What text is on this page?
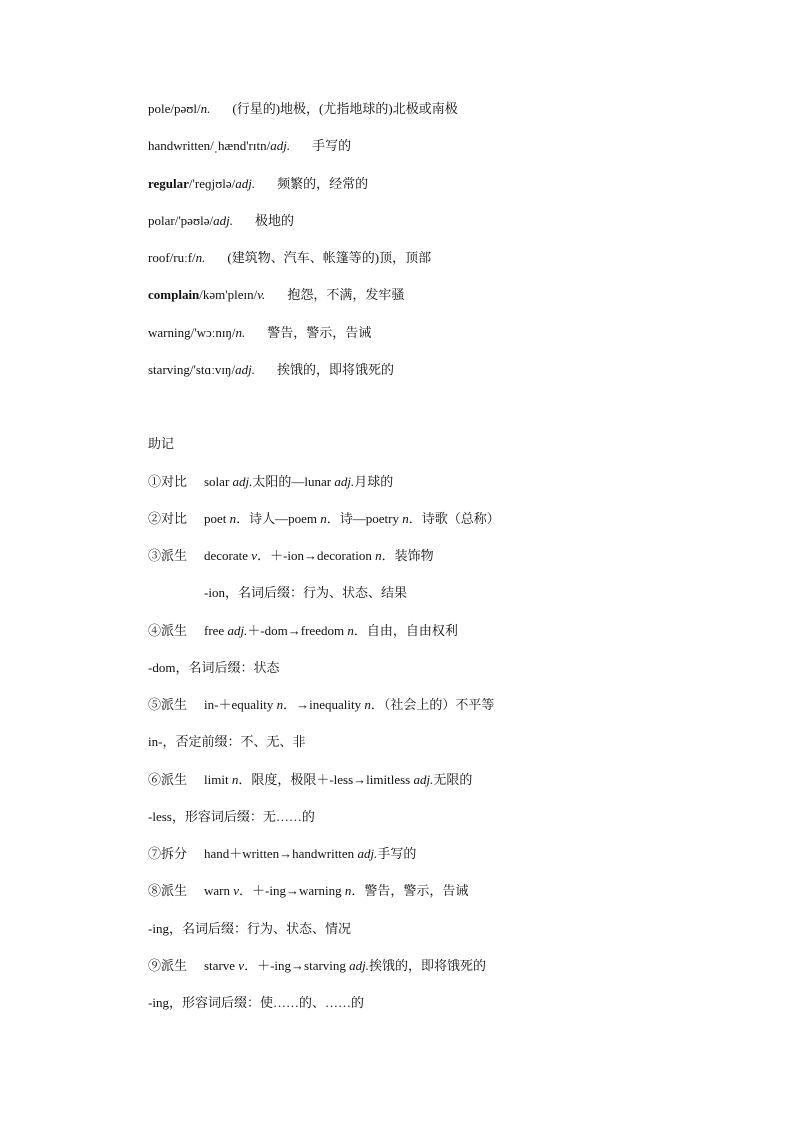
pole/pəʊl/n. (行星的)地极，(尤指地球的)北极或南极
handwritten/ˌhænd'rɪtn/adj. 手写的
regular/'reɡjʊlə/adj. 频繁的，经常的
polar/'pəʊlə/adj. 极地的
roof/ruːf/n. (建筑物、汽车、帐篷等的)顶，顶部
complain/kəm'pleɪn/v. 抱怨，不满，发牢骚
warning/'wɔːnɪŋ/n. 警告，警示，告诫
starving/'stɑːvɪŋ/adj. 挨饿的，即将饿死的
助记
①对比 solar adj.太阳的—lunar adj.月球的
②对比 poet n．诗人—poem n．诗—poetry n．诗歌（总称）
③派生 decorate v．＋-ion→decoration n．装饰物
-ion，名词后缀：行为、状态、结果
④派生 free adj.＋-dom→freedom n．自由，自由权利
-dom，名词后缀：状态
⑤派生 in-＋equality n．→inequality n．（社会上的）不平等
in-，否定前缀：不、无、非
⑥派生 limit n．限度，极限＋-less→limitless adj.无限的
-less，形容词后缀：无……的
⑦拆分 hand＋written→handwritten adj.手写的
⑧派生 warn v．＋-ing→warning n．警告，警示，告诫
-ing，名词后缀：行为、状态、情况
⑨派生 starve v．＋-ing→starving adj.挨饿的，即将饿死的
-ing，形容词后缀：使……的、……的
